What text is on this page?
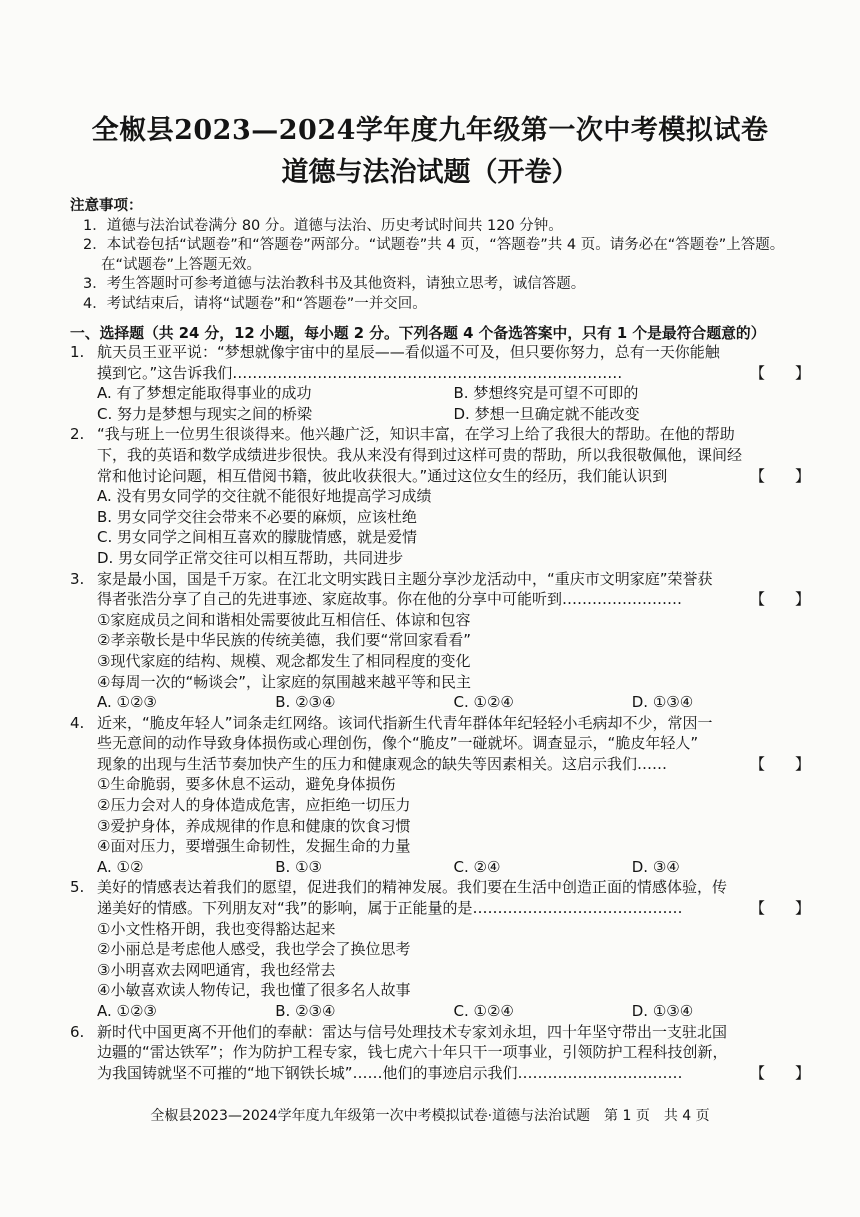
全椒县2023—2024学年度九年级第一次中考模拟试卷
道德与法治试题（开卷）
注意事项：
1．道德与法治试卷满分 80 分。道德与法治、历史考试时间共 120 分钟。
2．本试卷包括“试题卷”和“答题卷”两部分。“试题卷”共 4 页，“答题卷”共 4 页。请务必在“答题卷”上答题。在“试题卷”上答题无效。
3．考生答题时可参考道德与法治教科书及其他资料，请独立思考，诚信答题。
4．考试结束后，请将“试题卷”和“答题卷”一并交回。
一、选择题（共 24 分，12 小题，每小题 2 分。下列各题 4 个备选答案中，只有 1 个是最符合题意的）
1. 航天员王亚平说：“梦想就像宇宙中的星辰——看似遥不可及，但只要你努力，总有一天你能触
摸到它。”这告诉我们……………………………………………………………………	【　　】
A. 有了梦想定能取得事业的成功	B. 梦想终究是可望不可即的
C. 努力是梦想与现实之间的桥梁	D. 梦想一旦确定就不能改变
2. “我与班上一位男生很谈得来。他兴趣广泛，知识丰富，在学习上给了我很大的帮助。在他的帮助
下，我的英语和数学成绩进步很快。我从来没有得到过这样可贵的帮助，所以我很敬佩他，课间经
常和他讨论问题，相互借阅书籍，彼此收获很大。”通过这位女生的经历，我们能认识到	【　　】
A. 没有男女同学的交往就不能很好地提高学习成绩
B. 男女同学交往会带来不必要的麻烦，应该杜绝
C. 男女同学之间相互喜欢的朦胧情感，就是爱情
D. 男女同学正常交往可以相互帮助，共同进步
3. 家是最小国，国是千万家。在江北文明实践日主题分享沙龙活动中，“重庆市文明家庭”荣誉获
得者张浩分享了自己的先进事迹、家庭故事。你在他的分享中可能听到……………………	【　　】
①家庭成员之间和谐相处需要彼此互相信任、体谅和包容
②孝亲敬长是中华民族的传统美德，我们要“常回家看看”
③现代家庭的结构、规模、观念都发生了相同程度的变化
④每周一次的“畅谈会”，让家庭的氛围越来越平等和民主
A. ①②③	B. ②③④	C. ①②④	D. ①③④
4. 近来，“脆皮年轻人”词条走红网络。该词代指新生代青年群体年纪轻轻小毛病却不少，常因一
些无意间的动作导致身体损伤或心理创伤，像个“脆皮”一碰就坏。调查显示，“脆皮年轻人”
现象的出现与生活节奏加快产生的压力和健康观念的缺失等因素相关。这启示我们……	【　　】
①生命脆弱，要多休息不运动，避免身体损伤
②压力会对人的身体造成危害，应拒绝一切压力
③爱护身体，养成规律的作息和健康的饮食习惯
④面对压力，要增强生命韧性，发掘生命的力量
A. ①②	B. ①③	C. ②④	D. ③④
5. 美好的情感表达着我们的愿望，促进我们的精神发展。我们要在生活中创造正面的情感体验，传
递美好的情感。下列朋友对“我”的影响，属于正能量的是……………………………………	【　　】
①小文性格开朗，我也变得豁达起来
②小丽总是考虑他人感受，我也学会了换位思考
③小明喜欢去网吧通宵，我也经常去
④小敏喜欢读人物传记，我也懂了很多名人故事
A. ①②③	B. ②③④	C. ①②④	D. ①③④
6. 新时代中国更离不开他们的奉献：雷达与信号处理技术专家刘永坦，四十年坚守带出一支驻北国
边疆的“雷达铁军”；作为防护工程专家，钱七虎六十年只干一项事业，引领防护工程科技创新，
为我国铸就坚不可摧的“地下钢铁长城”……他们的事迹启示我们……………………………	【　　】
全椒县2023—2024学年度九年级第一次中考模拟试卷·道德与法治试题　第 1 页　共 4 页
